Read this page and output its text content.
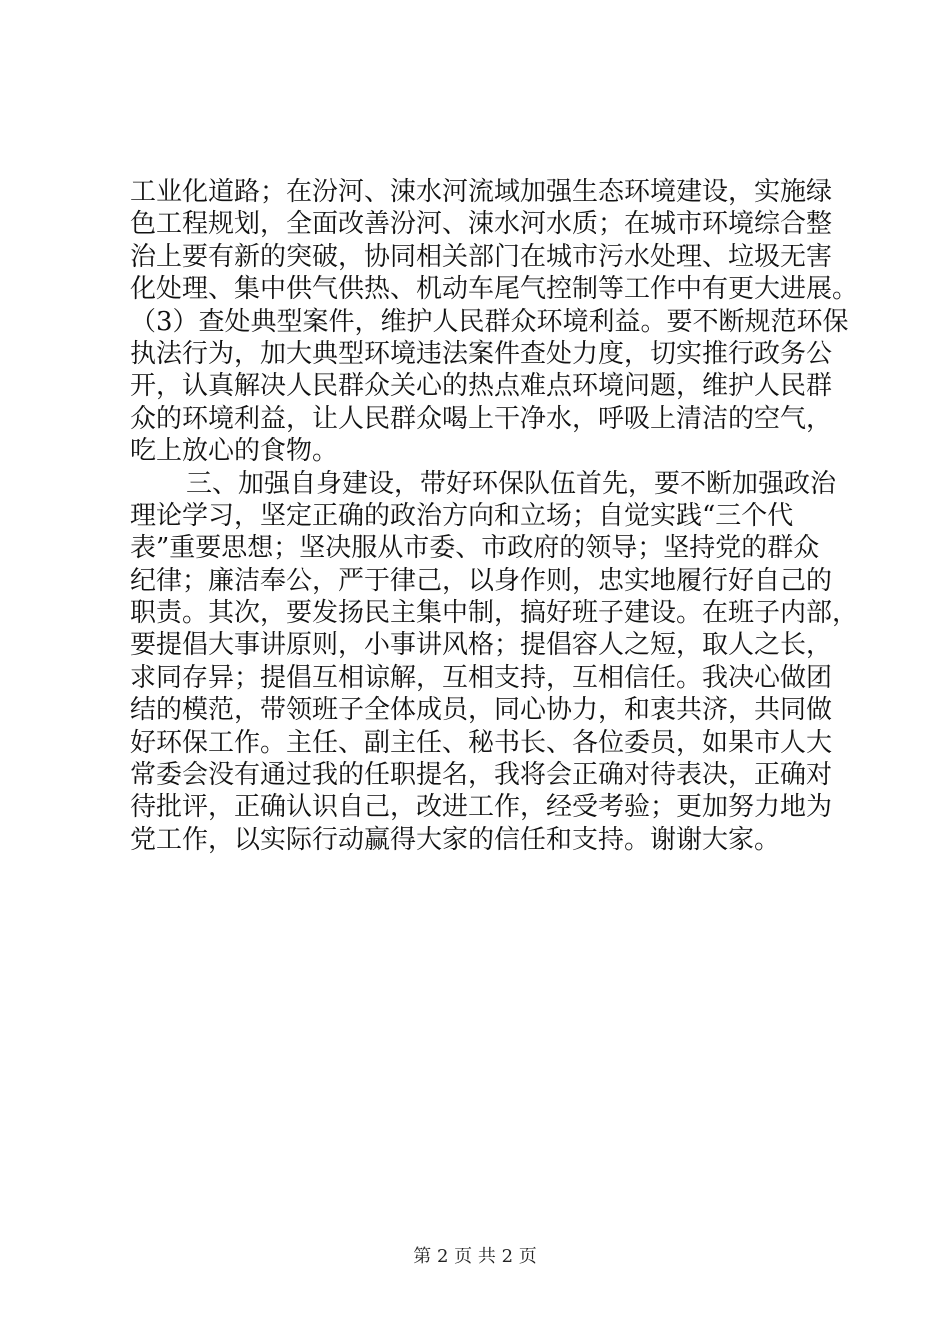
工业化道路；在汾河、涑水河流域加强生态环境建设，实施绿
色工程规划，全面改善汾河、涑水河水质；在城市环境综合整
治上要有新的突破，协同相关部门在城市污水处理、垃圾无害
化处理、集中供气供热、机动车尾气控制等工作中有更大进展。
（3）查处典型案件，维护人民群众环境利益。要不断规范环保
执法行为，加大典型环境违法案件查处力度，切实推行政务公
开，认真解决人民群众关心的热点难点环境问题，维护人民群
众的环境利益，让人民群众喝上干净水，呼吸上清洁的空气，
吃上放心的食物。
三、加强自身建设，带好环保队伍首先，要不断加强政治
理论学习，坚定正确的政治方向和立场；自觉实践“三个代
表”重要思想；坚决服从市委、市政府的领导；坚持党的群众
纪律；廉洁奉公，严于律己，以身作则，忠实地履行好自己的
职责。其次，要发扬民主集中制，搞好班子建设。在班子内部，
要提倡大事讲原则，小事讲风格；提倡容人之短，取人之长，
求同存异；提倡互相谅解，互相支持，互相信任。我决心做团
结的模范，带领班子全体成员，同心协力，和衷共济，共同做
好环保工作。主任、副主任、秘书长、各位委员，如果市人大
常委会没有通过我的任职提名，我将会正确对待表决，正确对
待批评，正确认识自己，改进工作，经受考验；更加努力地为
党工作，以实际行动赢得大家的信任和支持。谢谢大家。
第 2 页 共 2 页
